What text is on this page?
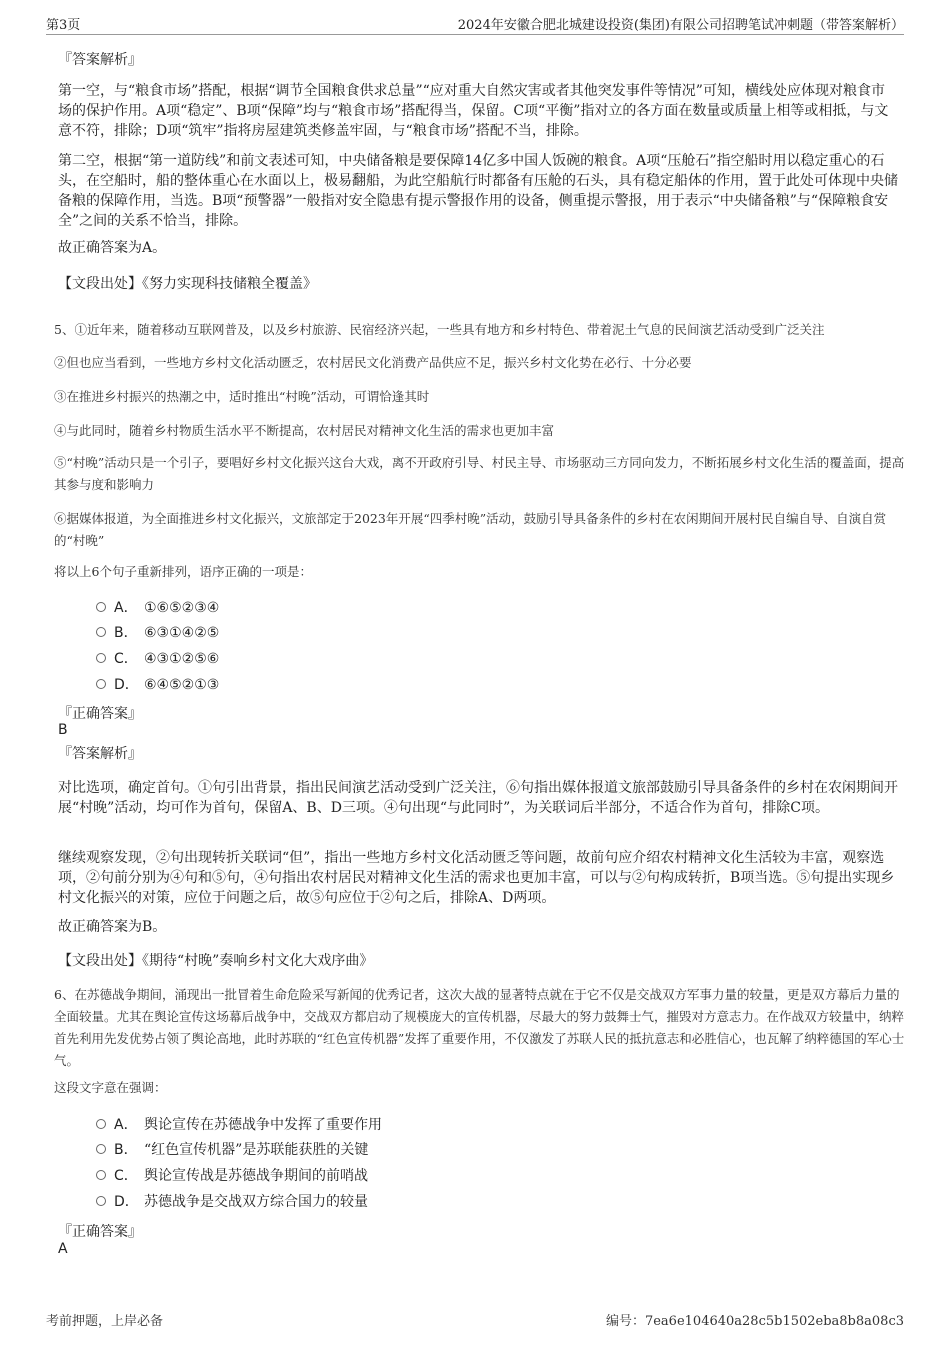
第3页	2024年安徽合肥北城建设投资(集团)有限公司招聘笔试冲刺题（带答案解析）
『答案解析』
第一空，与“粮食市场”搭配，根据“调节全国粮食供求总量”“应对重大自然灾害或者其他突发事件等情况”可知，横线处应体现对粮食市场的保护作用。A项“稳定”、B项“保障”均与“粮食市场”搭配得当，保留。C项“平衡”指对立的各方面在数量或质量上相等或相抵，与文意不符，排除；D项“筑牢”指将房屋建筑类修盖牢固，与“粮食市场”搭配不当，排除。
第二空，根据“第一道防线”和前文表述可知，中央储备粮是要保障14亿多中国人饭碗的粮食。A项“压舱石”指空船时用以稳定重心的石头，在空船时，船的整体重心在水面以上，极易翻船，为此空船航行时都备有压舱的石头，具有稳定船体的作用，置于此处可体现中央储备粮的保障作用，当选。B项“预警器”一般指对安全隐患有提示警报作用的设备，侧重提示警报，用于表示“中央储备粮”与“保障粮食安全”之间的关系不恰当，排除。
故正确答案为A。
【文段出处】《努力实现科技储粮全覆盖》
5、①近年来，随着移动互联网普及，以及乡村旅游、民宿经济兴起，一些具有地方和乡村特色、带着泥土气息的民间演艺活动受到广泛关注
②但也应当看到，一些地方乡村文化活动匮乏，农村居民文化消费产品供应不足，振兴乡村文化势在必行、十分必要
③在推进乡村振兴的热潮之中，适时推出“村晚”活动，可谓恰逢其时
④与此同时，随着乡村物质生活水平不断提高，农村居民对精神文化生活的需求也更加丰富
⑤“村晚”活动只是一个引子，要唱好乡村文化振兴这台大戏，离不开政府引导、村民主导、市场驱动三方同向发力，不断拓展乡村文化生活的覆盖面，提高其参与度和影响力
⑥据媒体报道，为全面推进乡村文化振兴，文旅部定于2023年开展“四季村晚”活动，鼓励引导具备条件的乡村在农闲期间开展村民自编自导、自演自赏的“村晚”
将以上6个句子重新排列，语序正确的一项是：
A． ①⑥⑤②③④
B． ⑥③①④②⑤
C． ④③①②⑤⑥
D． ⑥④⑤②①③
『正确答案』
B
『答案解析』
对比选项，确定首句。①句引出背景，指出民间演艺活动受到广泛关注，⑥句指出媒体报道文旅部鼓励引导具备条件的乡村在农闲期间开展“村晚”活动，均可作为首句，保留A、B、D三项。④句出现“与此同时”，为关联词后半部分，不适合作为首句，排除C项。
继续观察发现，②句出现转折关联词“但”，指出一些地方乡村文化活动匮乏等问题，故前句应介绍农村精神文化生活较为丰富，观察选项，②句前分别为④句和⑤句，④句指出农村居民对精神文化生活的需求也更加丰富，可以与②句构成转折，B项当选。⑤句提出实现乡村文化振兴的对策，应位于问题之后，故⑤句应位于②句之后，排除A、D两项。
故正确答案为B。
【文段出处】《期待“村晚”奏响乡村文化大戏序曲》
6、在苏德战争期间，涌现出一批冒着生命危险采写新闻的优秀记者，这次大战的显著特点就在于它不仅是交战双方军事力量的较量，更是双方幕后力量的全面较量。尤其在舆论宣传这场幕后战争中，交战双方都启动了规模庞大的宣传机器，尽最大的努力鼓舞士气，摧毁对方意志力。在作战双方较量中，纳粹首先利用先发优势占领了舆论高地，此时苏联的“红色宣传机器”发挥了重要作用，不仅激发了苏联人民的抵抗意志和必胜信心，也瓦解了纳粹德国的军心士气。
这段文字意在强调：
A． 舆论宣传在苏德战争中发挥了重要作用
B． “红色宣传机器”是苏联能获胜的关键
C． 舆论宣传战是苏德战争期间的前哨战
D． 苏德战争是交战双方综合国力的较量
『正确答案』
A
考前押题，上岸必备	编号：7ea6e104640a28c5b1502eba8b8a08c3
